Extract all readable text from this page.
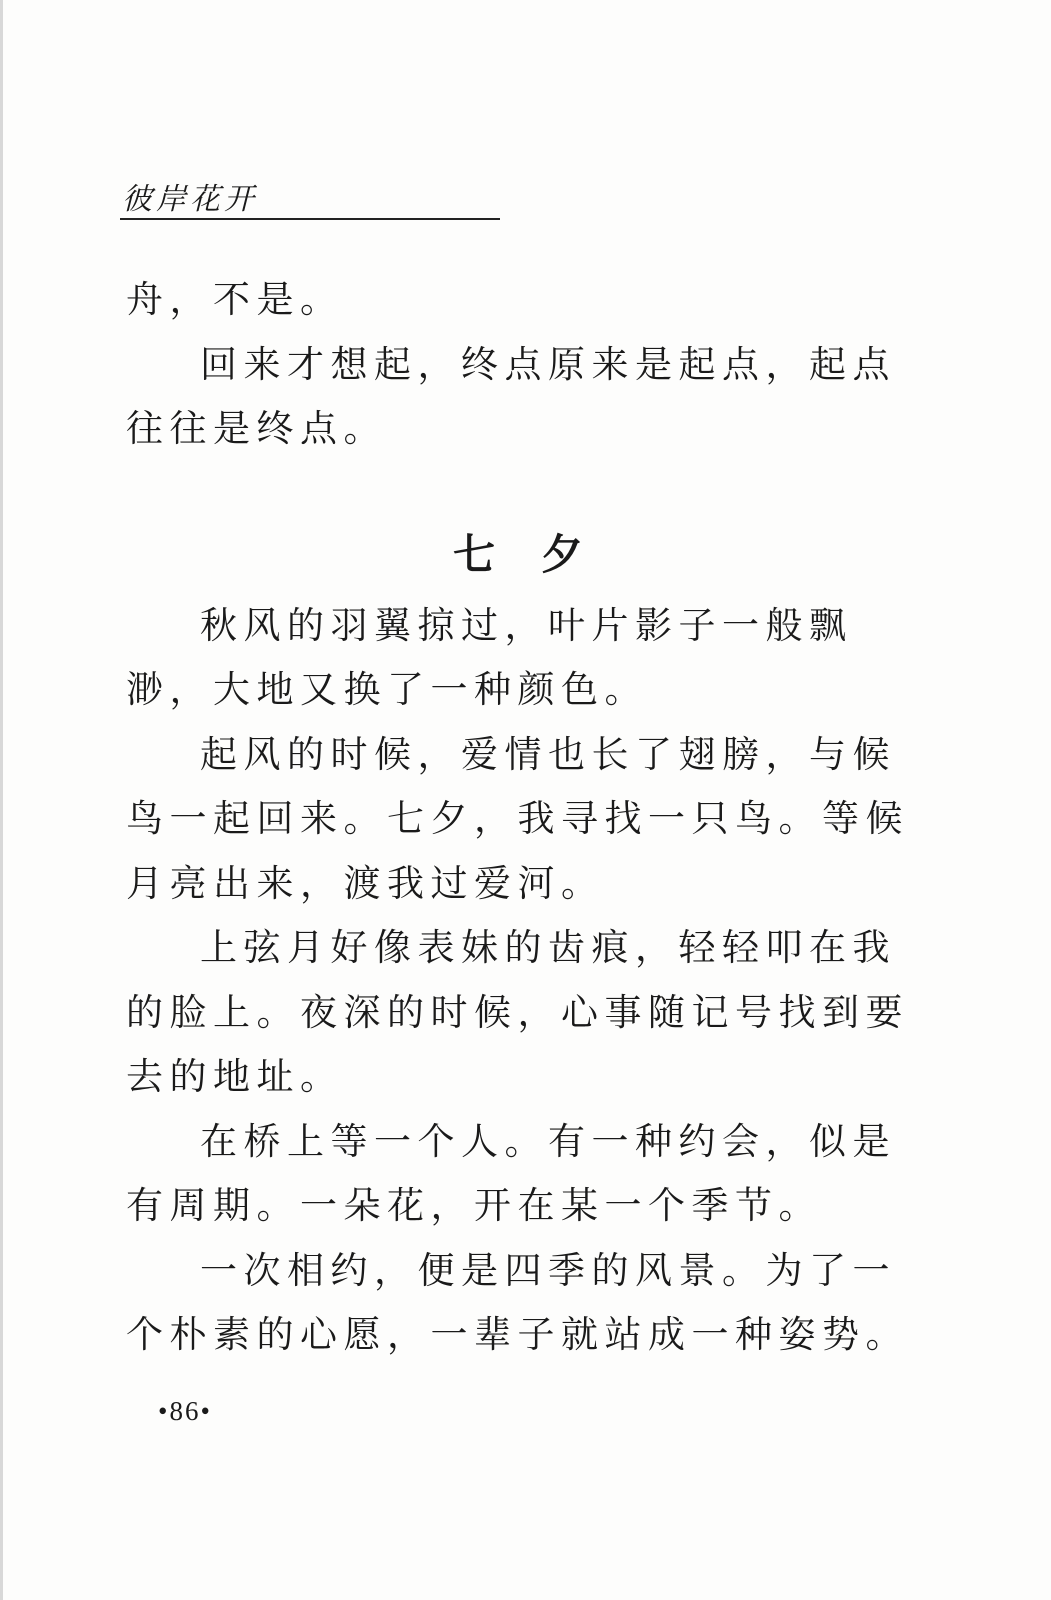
彼岸花开

舟，不是。

回来才想起，终点原来是起点，起点往往是终点。

七夕

秋风的羽翼掠过，叶片影子一般飘渺，大地又换了一种颜色。

起风的时候，爱情也长了翅膀，与候鸟一起回来。七夕，我寻找一只鸟。等候月亮出来，渡我过爱河。

上弦月好像表妹的齿痕，轻轻叩在我的脸上。夜深的时候，心事随记号找到要去的地址。

在桥上等一个人。有一种约会，似是有周期。一朵花，开在某一个季节。

一次相约，便是四季的风景。为了一个朴素的心愿，一辈子就站成一种姿势。

•86•
